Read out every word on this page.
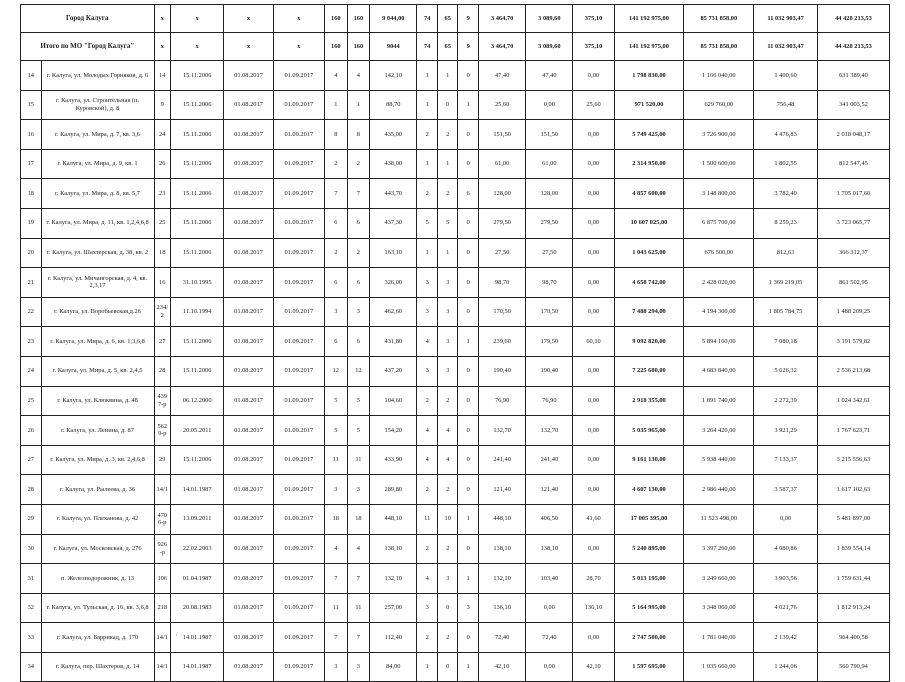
Город Калуга		х	х	х	х	160	160	9 044,00	74	65	9	3 464,70	3 089,60	375,10	141 192 975,00	85 731 858,00	11 032 903,47	44 428 213,53
Итого по МО "Город Калуга"		х	х	х	х	160	160	9044	74	65	9	3 464,70	3 089,60	375,10	141 192 975,00	85 731 858,00	11 032 903,47	44 428 213,53
14	г. Калуга, ул. Молодых Горняков, д. 6	14	15.11.2006	01.08.2017	01.09.2017	4	4	142,10	1	1	0	47,40	47,40	0,00	1 798 830,00	1 166 040,00	1 400,60	631 389,40
15	г. Калуга, ул. Строительная (п. Куровской), д. 8	9	15.11.2006	01.08.2017	01.09.2017	1	1	88,70	1	0	1	25,60	0,00	25,60	971 520,00	629 760,00	756,48	341 003,52
16	г. Калуга, ул. Мира, д. 7, кв. 3,6	24	15.11.2006	01.08.2017	01.09.2017	8	8	435,00	2	2	0	151,50	151,50	0,00	5 749 425,00	3 726 900,00	4 476,83	2 018 048,17
17	г. Калуга, ул. Мира, д. 9, кв. 1	26	15.11.2006	01.08.2017	01.09.2017	2	2	438,00	1	1	0	61,00	61,00	0,00	2 314 950,00	1 500 600,00	1 802,55	812 547,45
18	г. Калуга, ул. Мира, д. 8, кв. 5,7	23	15.11.2006	01.08.2017	01.09.2017	7	7	443,70	2	2	6	128,00	128,00	0,00	4 857 600,00	3 148 800,00	3 782,40	1 705 017,60
19	г. Калуга, ул. Мира, д. 11, кв. 1,2,4,6,8	25	15.11.2006	01.08.2017	01.09.2017	6	6	437,30	5	5	0	279,50	279,50	0,00	10 607 025,00	6 875 700,00	8 259,23	3 723 065,77
20	г. Калуга, ул. Шахтерская, д. 38, кв. 2	18	15.11.2006	01.08.2017	01.09.2017	2	2	163,10	1	1	0	27,50	27,50	0,00	1 043 625,00	676 500,00	812,63	366 312,37
21	г. Калуга, ул. Мичангорская, д. 4, кв. 2,3,17	16	31.10.1995	01.08.2017	01.09.2017	6	6	326,00	3	3	0	98,70	98,70	0,00	4 658 742,00	2 428 020,00	1 369 219,05	861 502,95
22	г. Калуга, ул. Воробьевская,д.26	234/2	11.10.1994	01.08.2017	01.09.2017	3	3	462,60	3	3	0	170,50	170,50	0,00	7 488 294,00	4 194 300,00	1 805 784,75	1 488 209,25
23	г. Калуга, ул. Мира, д. 6, кв. 1,3,6,8	27	15.11.2006	01.08.2017	01.09.2017	6	6	431,80	4	3	1	239,60	179,50	60,10	9 092 820,00	5 894 160,00	7 080,18	3 191 579,82
24	г. Калуга, ул. Мира, д. 5, кв. 2,4,5	28	15.11.2006	01.08.2017	01.09.2017	12	12	437,20	3	3	0	190,40	190,40	0,00	7 225 680,00	4 683 840,00	5 626,32	2 536 213,68
25	г. Калуга, ул. Клюквина, д. 48	4397-р	06.12.2000	01.08.2017	01.09.2017	5	5	104,60	2	2	0	76,90	76,90	0,00	2 918 355,00	1 891 740,00	2 272,39	1 024 342,61
26	г. Калуга, ул. Ленина, д. 87	5629-р	20.05.2011	01.08.2017	01.09.2017	5	5	154,20	4	4	0	132,70	132,70	0,00	5 035 965,00	3 264 420,00	3 921,29	1 767 623,71
27	г. Калуга, ул. Мира, д. 3, кв. 2,4,6,8	29	15.11.2006	01.08.2017	01.09.2017	11	11	433,90	4	4	0	241,40	241,40	0,00	9 161 130,00	5 938 440,00	7 133,37	3 215 556,63
28	г. Калуга, ул. Рылеева, д. 36	14/1	14.01.1987	01.08.2017	01.09.2017	3	3	289,80	2	2	0	121,40	121,40	0,00	4 607 130,00	2 986 440,00	3 587,37	1 617 102,63
29	г. Калуга, ул. Плеханова, д. 42	4706-р	13.09.2011	01.08.2017	01.09.2017	18	18	448,10	11	10	1	448,10	406,50	41,60	17 005 395,00	11 523 498,00	0,00	5 481 897,00
30	г. Калуга, ул. Московская, д. 276	926-р	22.02.2003	01.08.2017	01.09.2017	4	4	138,10	2	2	0	138,10	138,10	0,00	5 240 895,00	3 397 260,00	4 080,86	1 839 554,14
31	п. Железнодорожник, д. 13	106	01.04.1987	01.08.2017	01.09.2017	7	7	132,10	4	3	1	132,10	103,40	28,70	5 013 195,00	3 249 660,00	3 903,56	1 759 631,44
32	г. Калуга, ул. Тульская, д. 16, кв. 3,6,8	218	20.08.1983	01.08.2017	01.09.2017	11	11	257,00	3	0	3	136,10	0,00	136,10	5 164 995,00	3 348 060,00	4 021,76	1 812 913,24
33	г. Калуга, ул. Баррикад, д. 170	14/1	14.01.1987	01.08.2017	01.09.2017	7	7	112,40	2	2	0	72,40	72,40	0,00	2 747 580,00	1 781 040,00	2 139,42	964 400,58
34	г. Калуга, пер. Шахтеров, д. 14	14/1	14.01.1987	01.08.2017	01.09.2017	3	3	84,00	1	0	1	42,10	0,00	42,10	1 597 695,00	1 035 660,00	1 244,06	560 790,94
/
